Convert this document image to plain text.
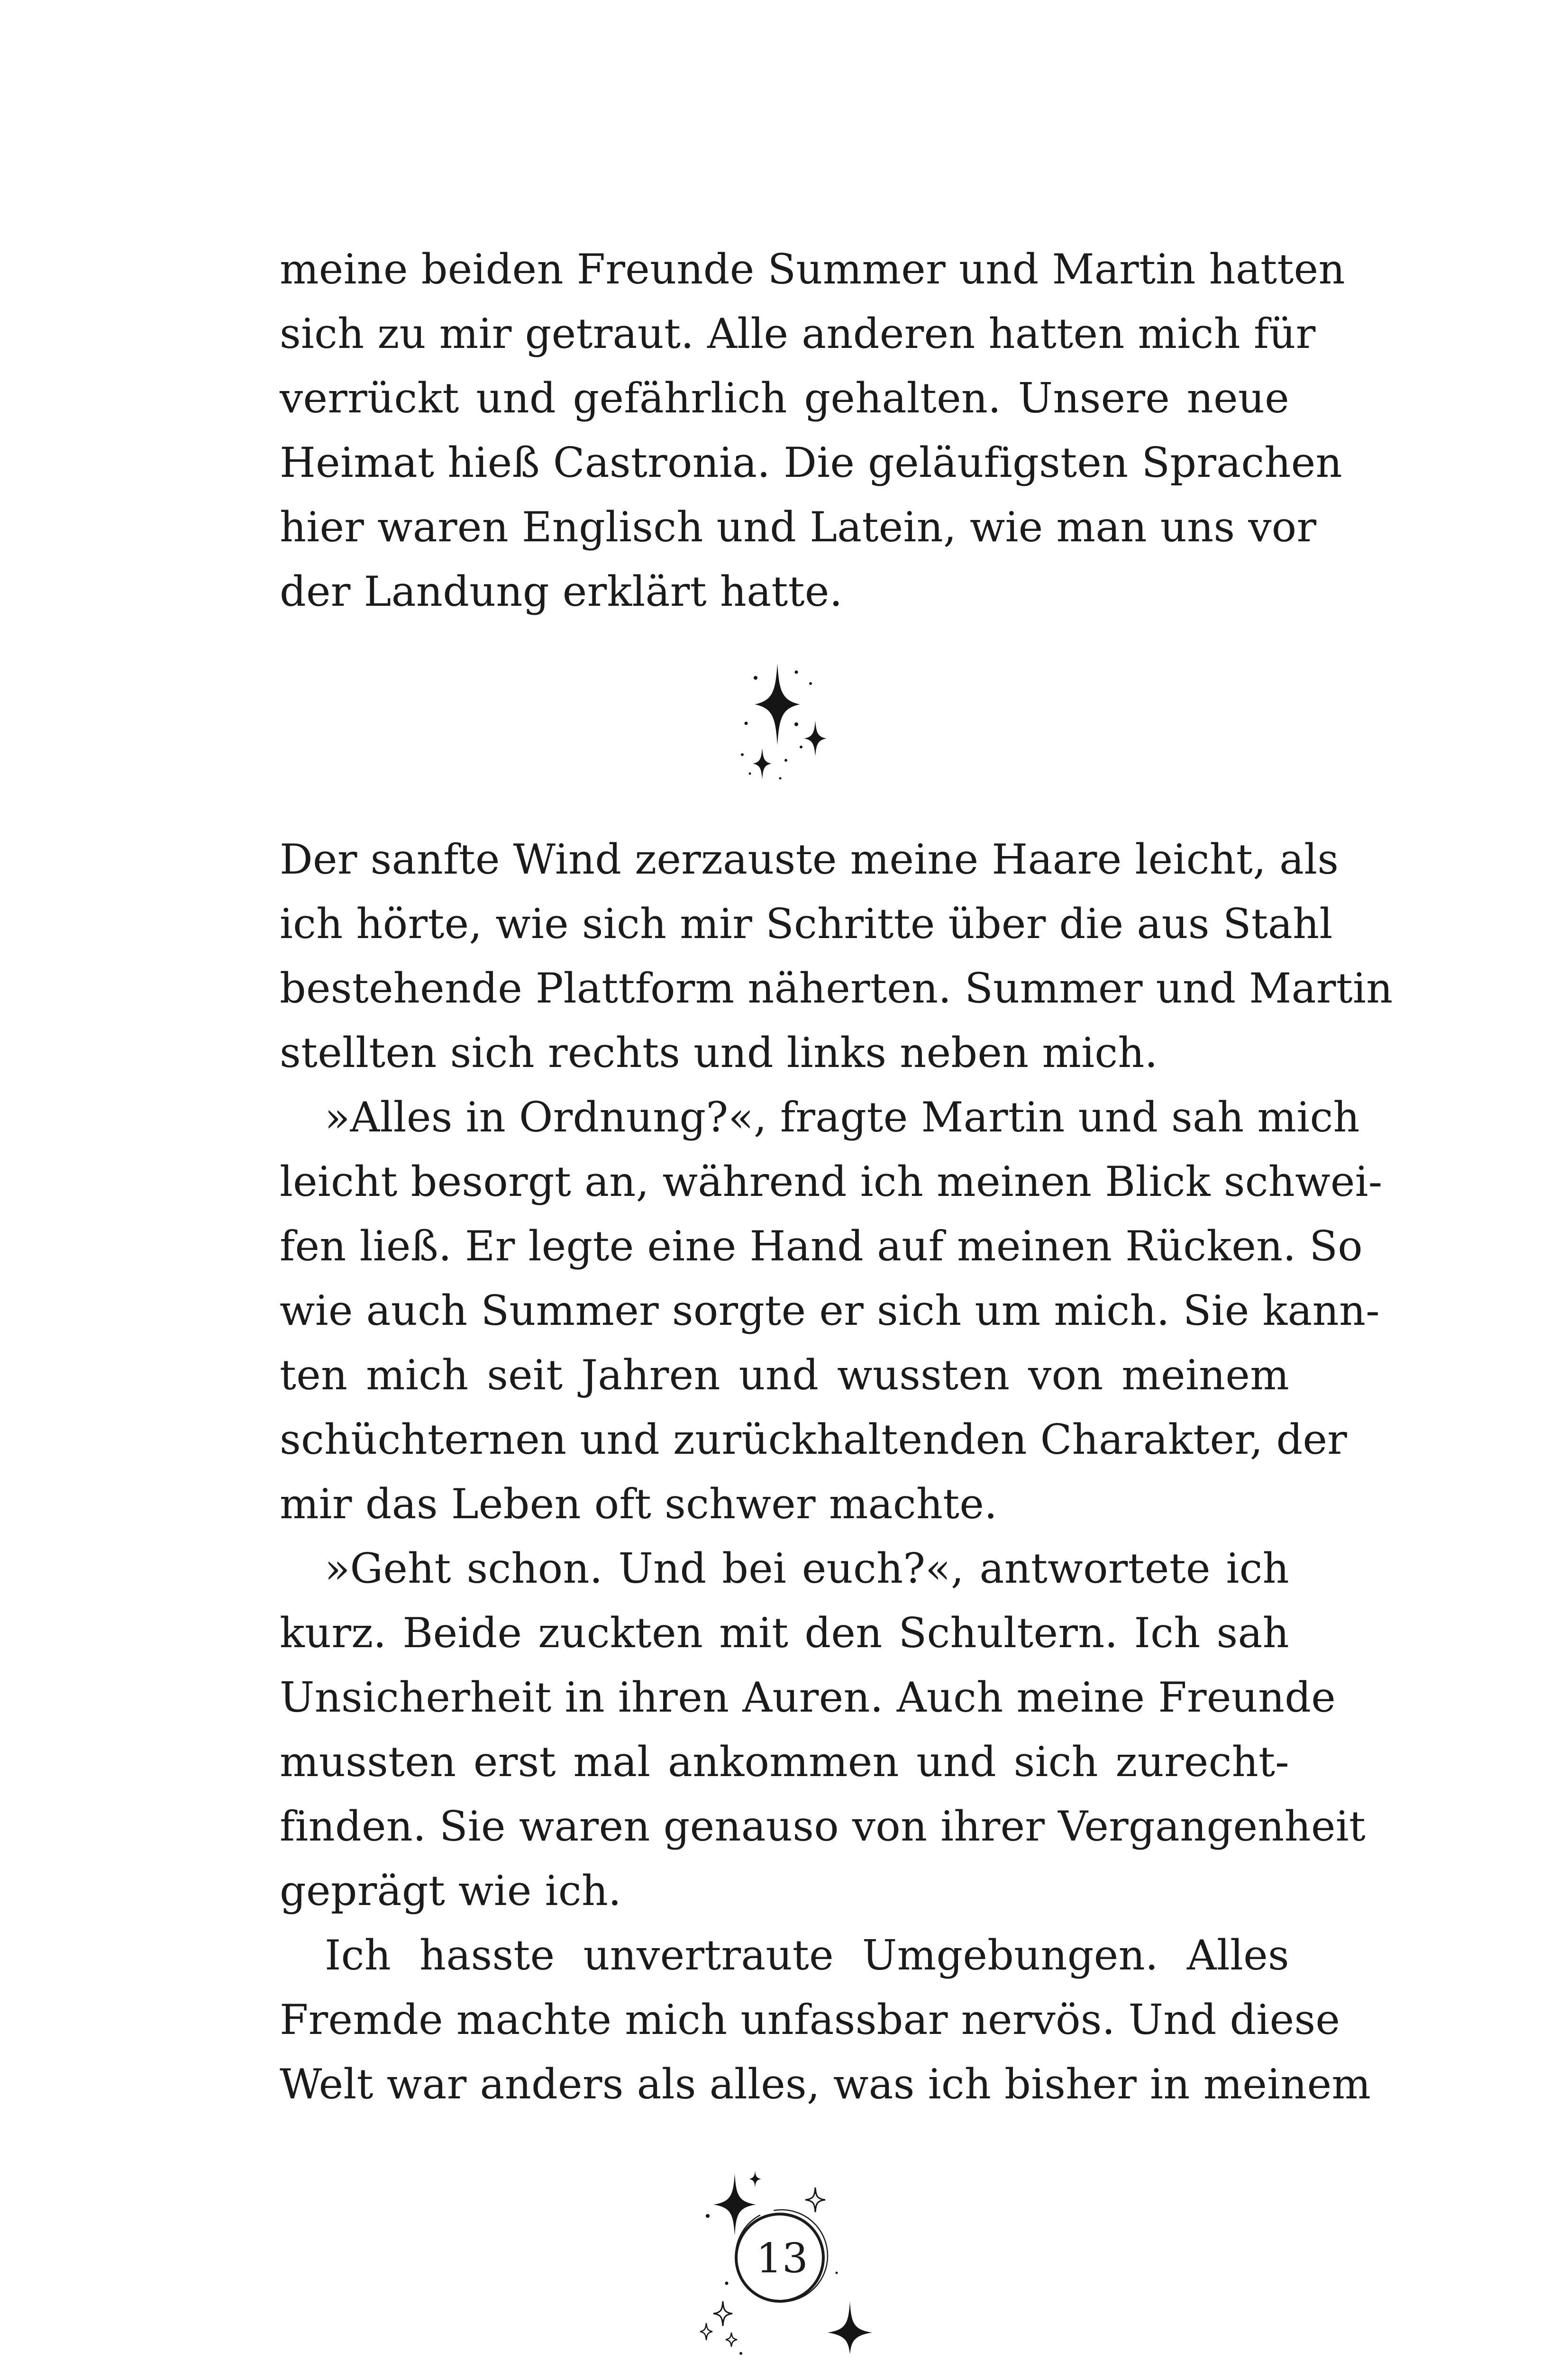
meine beiden Freunde Summer und Martin hatten
sich zu mir getraut. Alle anderen hatten mich für
verrückt und gefährlich gehalten. Unsere neue
Heimat hieß Castronia. Die geläufigsten Sprachen
hier waren Englisch und Latein, wie man uns vor
der Landung erklärt hatte.
Der sanfte Wind zerzauste meine Haare leicht, als
ich hörte, wie sich mir Schritte über die aus Stahl
bestehende Plattform näherten. Summer und Martin
stellten sich rechts und links neben mich.
»Alles in Ordnung?«, fragte Martin und sah mich
leicht besorgt an, während ich meinen Blick schwei-
fen ließ. Er legte eine Hand auf meinen Rücken. So
wie auch Summer sorgte er sich um mich. Sie kann-
ten mich seit Jahren und wussten von meinem
schüchternen und zurückhaltenden Charakter, der
mir das Leben oft schwer machte.
»Geht schon. Und bei euch?«, antwortete ich
kurz. Beide zuckten mit den Schultern. Ich sah
Unsicherheit in ihren Auren. Auch meine Freunde
mussten erst mal ankommen und sich zurecht-
finden. Sie waren genauso von ihrer Vergangenheit
geprägt wie ich.
Ich hasste unvertraute Umgebungen. Alles
Fremde machte mich unfassbar nervös. Und diese
Welt war anders als alles, was ich bisher in meinem
13
